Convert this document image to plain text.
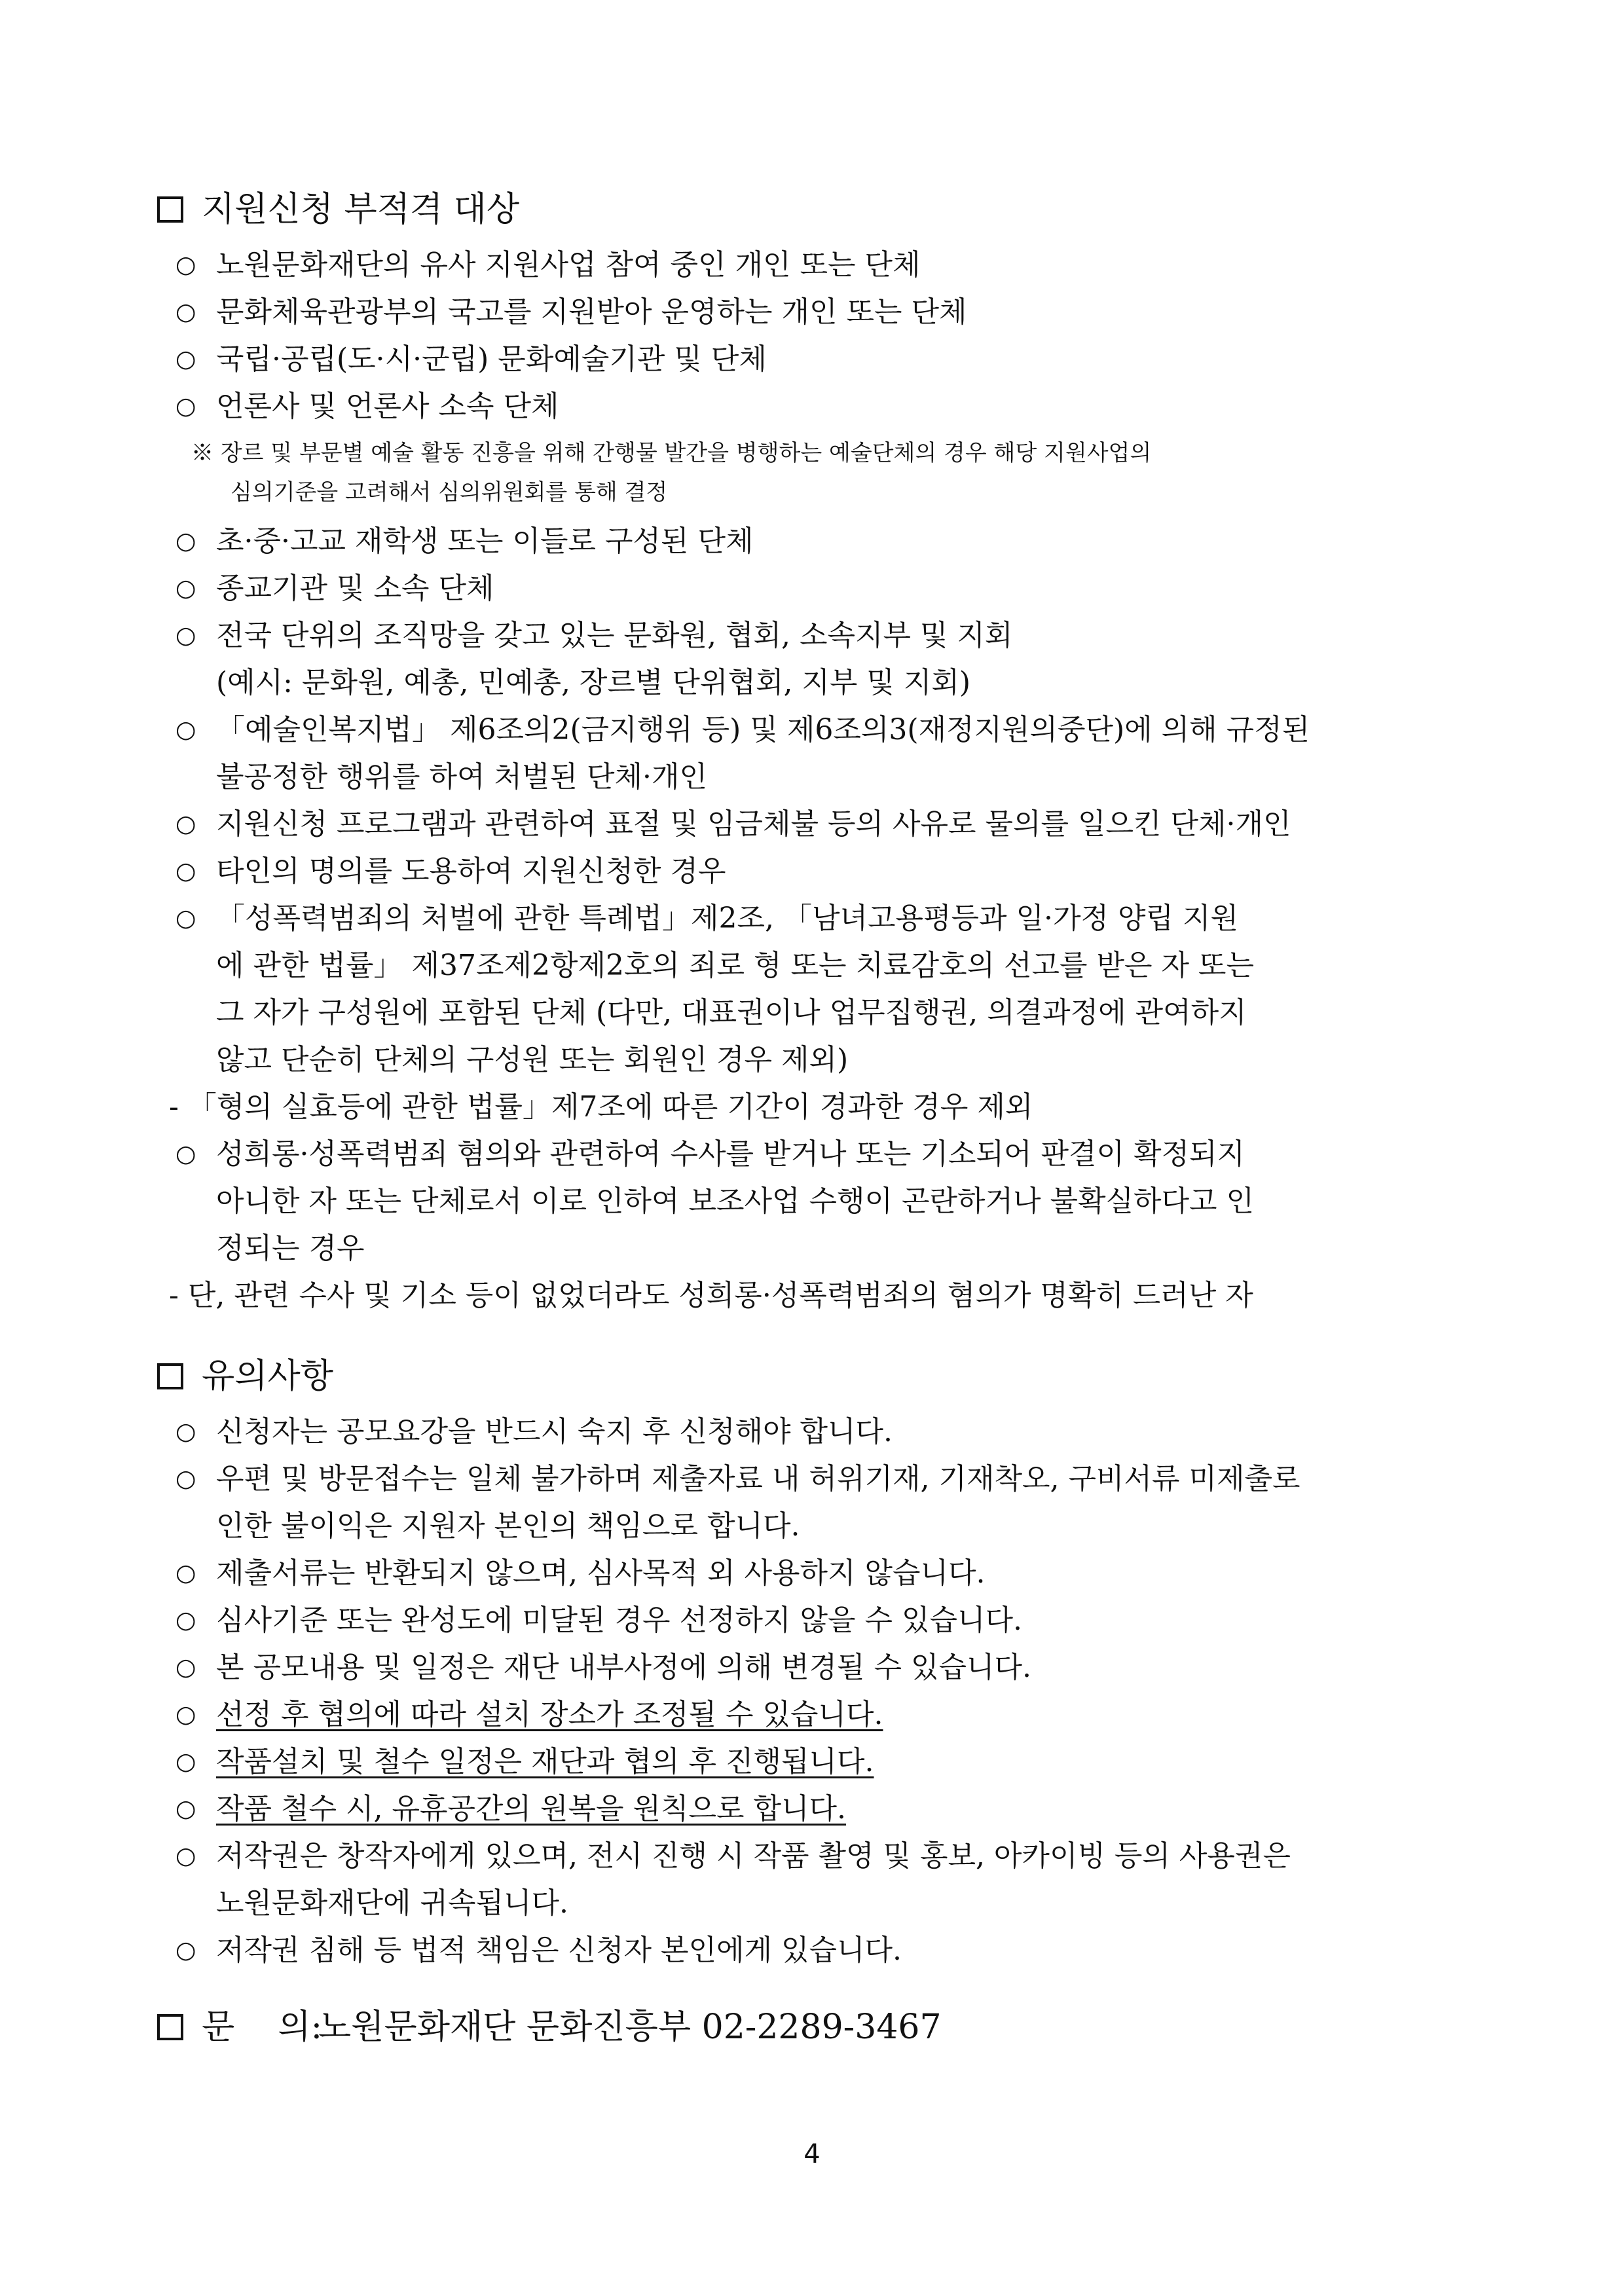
지원신청 부적격 대상
○ 노원문화재단의 유사 지원사업 참여 중인 개인 또는 단체
○ 문화체육관광부의 국고를 지원받아 운영하는 개인 또는 단체
○ 국립·공립(도·시·군립) 문화예술기관 및 단체
○ 언론사 및 언론사 소속 단체
※ 장르 및 부문별 예술 활동 진흥을 위해 간행물 발간을 병행하는 예술단체의 경우 해당 지원사업의
심의기준을 고려해서 심의위원회를 통해 결정
○ 초·중·고교 재학생 또는 이들로 구성된 단체
○ 종교기관 및 소속 단체
○ 전국 단위의 조직망을 갖고 있는 문화원, 협회, 소속지부 및 지회
(예시: 문화원, 예총, 민예총, 장르별 단위협회, 지부 및 지회)
○ 「예술인복지법」 제6조의2(금지행위 등) 및 제6조의3(재정지원의중단)에 의해 규정된
불공정한 행위를 하여 처벌된 단체·개인
○ 지원신청 프로그램과 관련하여 표절 및 임금체불 등의 사유로 물의를 일으킨 단체·개인
○ 타인의 명의를 도용하여 지원신청한 경우
○ 「성폭력범죄의 처벌에 관한 특례법」제2조, 「남녀고용평등과 일·가정 양립 지원
에 관한 법률」 제37조제2항제2호의 죄로 형 또는 치료감호의 선고를 받은 자 또는
그 자가 구성원에 포함된 단체 (다만, 대표권이나 업무집행권, 의결과정에 관여하지
않고 단순히 단체의 구성원 또는 회원인 경우 제외)
- 「형의 실효등에 관한 법률」제7조에 따른 기간이 경과한 경우 제외
○ 성희롱·성폭력범죄 혐의와 관련하여 수사를 받거나 또는 기소되어 판결이 확정되지
아니한 자 또는 단체로서 이로 인하여 보조사업 수행이 곤란하거나 불확실하다고 인
정되는 경우
- 단, 관련 수사 및 기소 등이 없었더라도 성희롱·성폭력범죄의 혐의가 명확히 드러난 자
유의사항
○ 신청자는 공모요강을 반드시 숙지 후 신청해야 합니다.
○ 우편 및 방문접수는 일체 불가하며 제출자료 내 허위기재, 기재착오, 구비서류 미제출로
인한 불이익은 지원자 본인의 책임으로 합니다.
○ 제출서류는 반환되지 않으며, 심사목적 외 사용하지 않습니다.
○ 심사기준 또는 완성도에 미달된 경우 선정하지 않을 수 있습니다.
○ 본 공모내용 및 일정은 재단 내부사정에 의해 변경될 수 있습니다.
○ 선정 후 협의에 따라 설치 장소가 조정될 수 있습니다.
○ 작품설치 및 철수 일정은 재단과 협의 후 진행됩니다.
○ 작품 철수 시, 유휴공간의 원복을 원칙으로 합니다.
○ 저작권은 창작자에게 있으며, 전시 진행 시 작품 촬영 및 홍보, 아카이빙 등의 사용권은
노원문화재단에 귀속됩니다.
○ 저작권 침해 등 법적 책임은 신청자 본인에게 있습니다.
문    의:
노원문화재단 문화진흥부 02-2289-3467
4
